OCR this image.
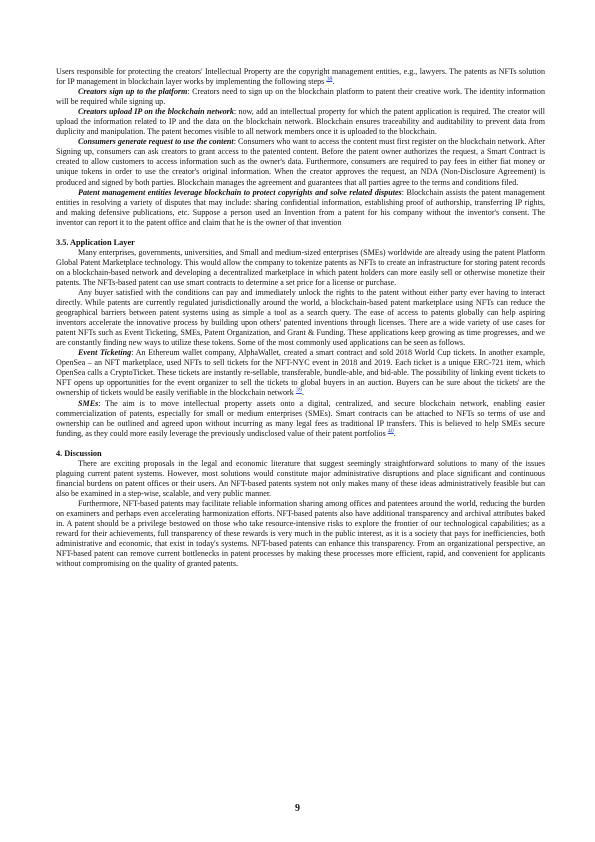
Users responsible for protecting the creators' Intellectual Property are the copyright management entities, e.g., lawyers. The patents as NFTs solution for IP management in blockchain layer works by implementing the following steps $^{38}$.

Creators sign up to the platform: Creators need to sign up on the blockchain platform to patent their creative work. The identity information will be required while signing up.

Creators upload IP on the blockchain network: now, add an intellectual property for which the patent application is required. The creator will upload the information related to IP and the data on the blockchain network. Blockchain ensures traceability and auditability to prevent data from duplicity and manipulation. The patent becomes visible to all network members once it is uploaded to the blockchain.

Consumers generate request to use the content: Consumers who want to access the content must first register on the blockchain network. After Signing up, consumers can ask creators to grant access to the patented content. Before the patent owner authorizes the request, a Smart Contract is created to allow customers to access information such as the owner's data. Furthermore, consumers are required to pay fees in either fiat money or unique tokens in order to use the creator's original information. When the creator approves the request, an NDA (Non-Disclosure Agreement) is produced and signed by both parties. Blockchain manages the agreement and guarantees that all parties agree to the terms and conditions filed.

Patent management entities leverage blockchain to protect copyrights and solve related disputes: Blockchain assists the patent management entities in resolving a variety of disputes that may include: sharing confidential information, establishing proof of authorship, transferring IP rights, and making defensive publications, etc. Suppose a person used an Invention from a patent for his company without the inventor's consent. The inventor can report it to the patent office and claim that he is the owner of that invention

3.5. Application Layer

Many enterprises, governments, universities, and Small and medium-sized enterprises (SMEs) worldwide are already using the patent Platform Global Patent Marketplace technology. This would allow the company to tokenize patents as NFTs to create an infrastructure for storing patent records on a blockchain-based network and developing a decentralized marketplace in which patent holders can more easily sell or otherwise monetize their patents. The NFTs-based patent can use smart contracts to determine a set price for a license or purchase.

Any buyer satisfied with the conditions can pay and immediately unlock the rights to the patent without either party ever having to interact directly. While patents are currently regulated jurisdictionally around the world, a blockchain-based patent marketplace using NFTs can reduce the geographical barriers between patent systems using as simple a tool as a search query. The ease of access to patents globally can help aspiring inventors accelerate the innovative process by building upon others' patented inventions through licenses. There are a wide variety of use cases for patent NFTs such as Event Ticketing, SMEs, Patent Organization, and Grant & Funding. These applications keep growing as time progresses, and we are constantly finding new ways to utilize these tokens. Some of the most commonly used applications can be seen as follows.

Event Ticketing: An Ethereum wallet company, AlphaWallet, created a smart contract and sold 2018 World Cup tickets. In another example, OpenSea – an NFT marketplace, used NFTs to sell tickets for the NFT-NYC event in 2018 and 2019. Each ticket is a unique ERC-721 item, which OpenSea calls a CryptoTicket. These tickets are instantly re-sellable, transferable, bundle-able, and bid-able. The possibility of linking event tickets to NFT opens up opportunities for the event organizer to sell the tickets to global buyers in an auction. Buyers can be sure about the tickets' are the ownership of tickets would be easily verifiable in the blockchain network $^{39}$.

SMEs: The aim is to move intellectual property assets onto a digital, centralized, and secure blockchain network, enabling easier commercialization of patents, especially for small or medium enterprises (SMEs). Smart contracts can be attached to NFTs so terms of use and ownership can be outlined and agreed upon without incurring as many legal fees as traditional IP transfers. This is believed to help SMEs secure funding, as they could more easily leverage the previously undisclosed value of their patent portfolios $^{40}$.

4. Discussion

There are exciting proposals in the legal and economic literature that suggest seemingly straightforward solutions to many of the issues plaguing current patent systems. However, most solutions would constitute major administrative disruptions and place significant and continuous financial burdens on patent offices or their users. An NFT-based patents system not only makes many of these ideas administratively feasible but can also be examined in a step-wise, scalable, and very public manner.

Furthermore, NFT-based patents may facilitate reliable information sharing among offices and patentees around the world, reducing the burden on examiners and perhaps even accelerating harmonization efforts. NFT-based patents also have additional transparency and archival attributes baked in. A patent should be a privilege bestowed on those who take resource-intensive risks to explore the frontier of our technological capabilities; as a reward for their achievements, full transparency of these rewards is very much in the public interest, as it is a society that pays for inefficiencies, both administrative and economic, that exist in today's systems. NFT-based patents can enhance this transparency. From an organizational perspective, an NFT-based patent can remove current bottlenecks in patent processes by making these processes more efficient, rapid, and convenient for applicants without compromising on the quality of granted patents.

9
